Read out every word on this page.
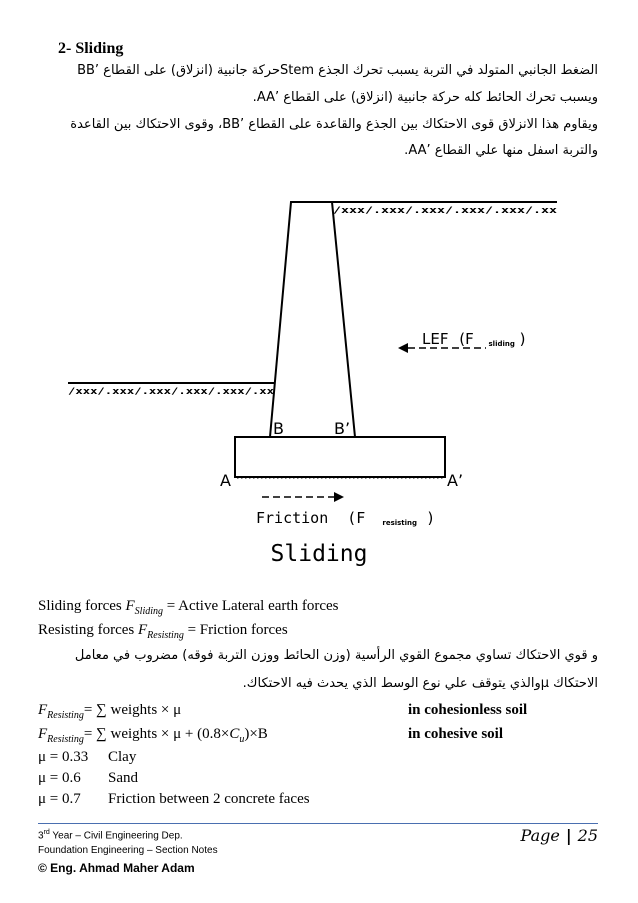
2- Sliding
الضغط الجانبي المتولد في التربة يسبب تحرك الجذع Stemحركة جانبية (انزلاق) على القطاع ’BB
ويسبب تحرك الحائط كله حركة جانبية (انزلاق) على القطاع ’AA.
ويقاوم هذا الانزلاق قوى الاحتكاك بين الجذع والقاعدة على القطاع ’BB، وقوى الاحتكاك بين القاعدة
والتربة اسفل منها علي القطاع ’AA.
/xxx/.xxx/.xxx/.xxx/.xxx/.xx
/xxx/.xxx/.xxx/.xxx/.xxx/.xx
B	B’
A	A’
LEF (F sliding )
Friction (F resisting )
Sliding
Sliding forces $F_{Sliding}$ = Active Lateral earth forces
Resisting forces $F_{Resisting}$ = Friction forces
و قوي الاحتكاك تساوي مجموع القوي الرأسية (وزن الحائط ووزن التربة فوقه) مضروب في معامل
الاحتكاك μوالذي يتوقف علي نوع الوسط الذي يحدث فيه الاحتكاك.
$F_{Resisting}=$ ∑ weights × μ	in cohesionless soil
$F_{Resisting}=$ ∑ weights × $\mu + (0.8\times C_u)\times B$	in cohesive soil
μ = 0.33 Clay
μ = 0.6 Sand
μ = 0.7 Friction between 2 concrete faces
3rd Year – Civil Engineering Dep.
Foundation Engineering – Section Notes
© Eng. Ahmad Maher Adam
Page | 25
